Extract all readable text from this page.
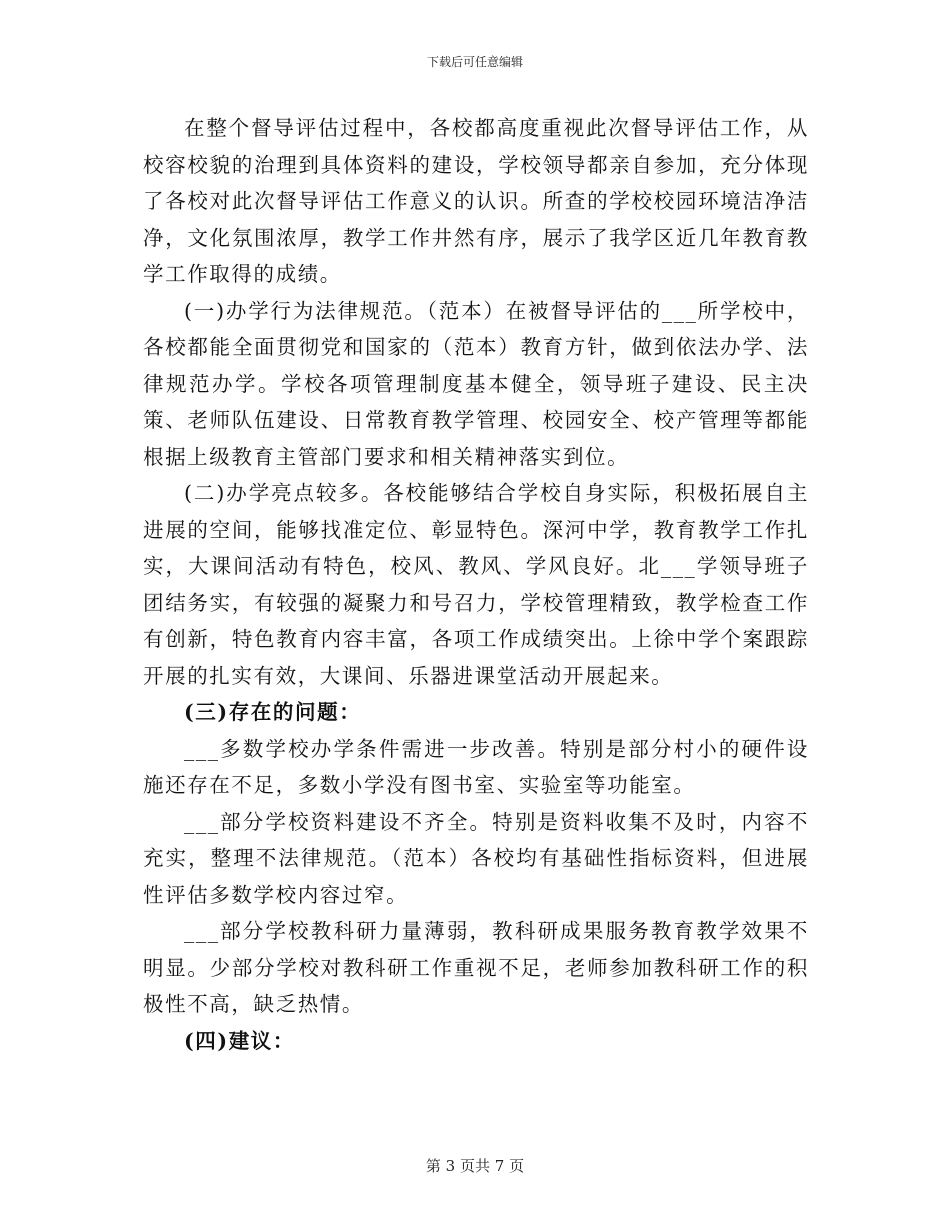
下载后可任意编辑

在整个督导评估过程中，各校都高度重视此次督导评估工作，从校容校貌的治理到具体资料的建设，学校领导都亲自参加，充分体现了各校对此次督导评估工作意义的认识。所查的学校校园环境洁净洁净，文化氛围浓厚，教学工作井然有序，展示了我学区近几年教育教学工作取得的成绩。

(一)办学行为法律规范。（范本）在被督导评估的___所学校中，各校都能全面贯彻党和国家的（范本）教育方针，做到依法办学、法律规范办学。学校各项管理制度基本健全，领导班子建设、民主决策、老师队伍建设、日常教育教学管理、校园安全、校产管理等都能根据上级教育主管部门要求和相关精神落实到位。

(二)办学亮点较多。各校能够结合学校自身实际，积极拓展自主进展的空间，能够找准定位、彰显特色。深河中学，教育教学工作扎实，大课间活动有特色，校风、教风、学风良好。北___学领导班子团结务实，有较强的凝聚力和号召力，学校管理精致，教学检查工作有创新，特色教育内容丰富，各项工作成绩突出。上徐中学个案跟踪开展的扎实有效，大课间、乐器进课堂活动开展起来。

(三)存在的问题：

___多数学校办学条件需进一步改善。特别是部分村小的硬件设施还存在不足，多数小学没有图书室、实验室等功能室。

___部分学校资料建设不齐全。特别是资料收集不及时，内容不充实，整理不法律规范。（范本）各校均有基础性指标资料，但进展性评估多数学校内容过窄。

___部分学校教科研力量薄弱，教科研成果服务教育教学效果不明显。少部分学校对教科研工作重视不足，老师参加教科研工作的积极性不高，缺乏热情。

(四)建议：

第 3 页共 7 页
